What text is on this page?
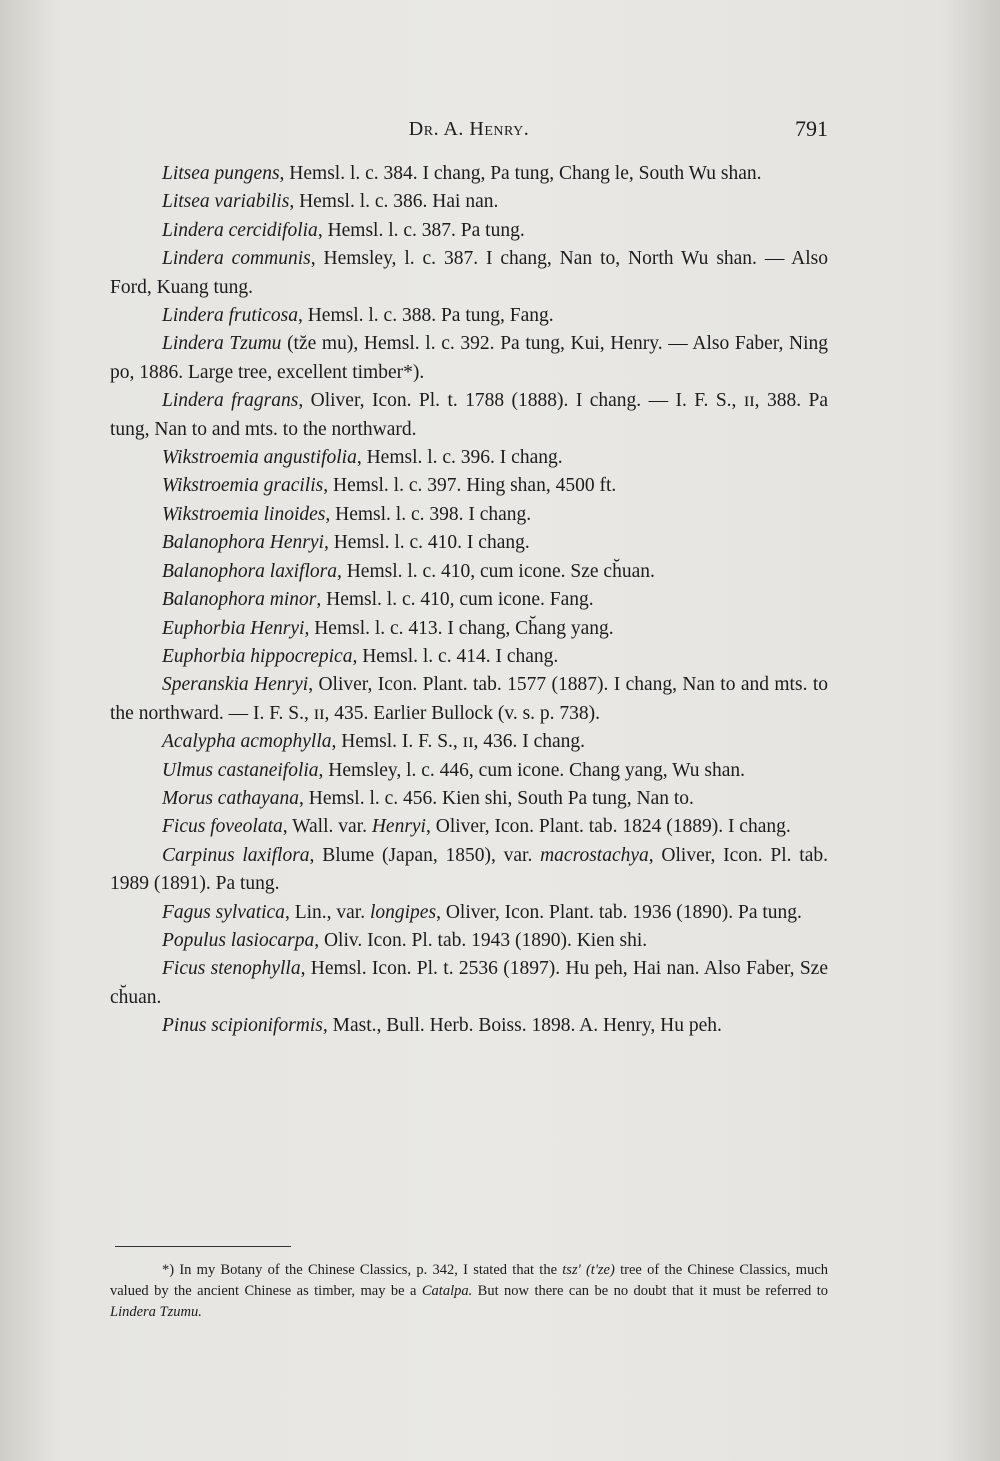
Dr. A. Henry.	791

Litsea pungens, Hemsl. l. c. 384. I chang, Pa tung, Chang le, South Wu shan.

Litsea variabilis, Hemsl. l. c. 386. Hai nan.

Lindera cercidifolia, Hemsl. l. c. 387. Pa tung.

Lindera communis, Hemsley, l. c. 387. I chang, Nan to, North Wu shan. — Also Ford, Kuang tung.

Lindera fruticosa, Hemsl. l. c. 388. Pa tung, Fang.

Lindera Tzumu (tz̆e mu), Hemsl. l. c. 392. Pa tung, Kui, Henry. — Also Faber, Ning po, 1886. Large tree, excellent timber*).

Lindera fragrans, Oliver, Icon. Pl. t. 1788 (1888). I chang. — I. F. S., ɪɪ, 388. Pa tung, Nan to and mts. to the northward.

Wikstroemia angustifolia, Hemsl. l. c. 396. I chang.

Wikstroemia gracilis, Hemsl. l. c. 397. Hing shan, 4500 ft.

Wikstroemia linoides, Hemsl. l. c. 398. I chang.

Balanophora Henryi, Hemsl. l. c. 410. I chang.

Balanophora laxiflora, Hemsl. l. c. 410, cum icone. Sze ch̆uan.

Balanophora minor, Hemsl. l. c. 410, cum icone. Fang.

Euphorbia Henryi, Hemsl. l. c. 413. I chang, Ch̆ang yang.

Euphorbia hippocrepica, Hemsl. l. c. 414. I chang.

Speranskia Henryi, Oliver, Icon. Plant. tab. 1577 (1887). I chang, Nan to and mts. to the northward. — I. F. S., ɪɪ, 435. Earlier Bullock (v. s. p. 738).

Acalypha acmophylla, Hemsl. I. F. S., ɪɪ, 436. I chang.

Ulmus castaneifolia, Hemsley, l. c. 446, cum icone. Chang yang, Wu shan.

Morus cathayana, Hemsl. l. c. 456. Kien shi, South Pa tung, Nan to.

Ficus foveolata, Wall. var. Henryi, Oliver, Icon. Plant. tab. 1824 (1889). I chang.

Carpinus laxiflora, Blume (Japan, 1850), var. macrostachya, Oliver, Icon. Pl. tab. 1989 (1891). Pa tung.

Fagus sylvatica, Lin., var. longipes, Oliver, Icon. Plant. tab. 1936 (1890). Pa tung.

Populus lasiocarpa, Oliv. Icon. Pl. tab. 1943 (1890). Kien shi.

Ficus stenophylla, Hemsl. Icon. Pl. t. 2536 (1897). Hu peh, Hai nan. Also Faber, Sze ch̆uan.

Pinus scipioniformis, Mast., Bull. Herb. Boiss. 1898. A. Henry, Hu peh.

*) In my Botany of the Chinese Classics, p. 342, I stated that the tsz' (t'ze) tree of the Chinese Classics, much valued by the ancient Chinese as timber, may be a Catalpa. But now there can be no doubt that it must be referred to Lindera Tzumu.
